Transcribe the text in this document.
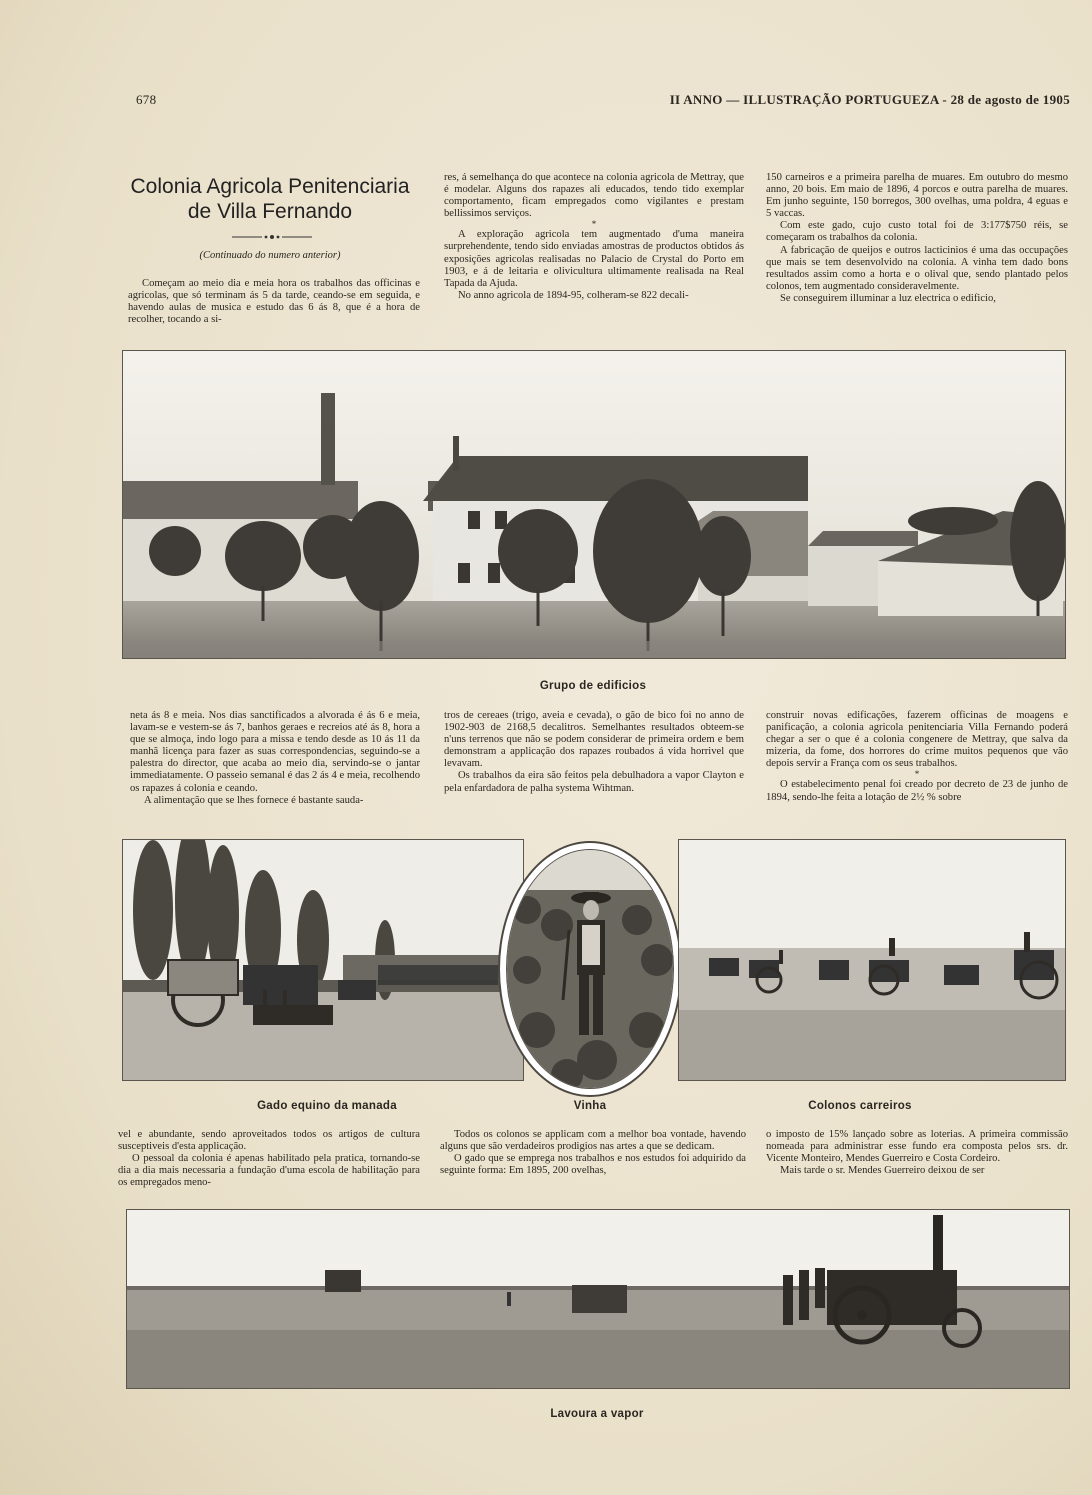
678	II ANNO — ILLUSTRAÇÃO PORTUGUEZA - 28 de agosto de 1905
Colonia Agricola Penitenciaria
de Villa Fernando
(Continuado do numero anterior)

Começam ao meio dia e meia hora os trabalhos das officinas e agricolas, que só terminam ás 5 da tarde, ceando-se em seguida, e havendo aulas de musica e estudo das 6 ás 8, que é a hora de recolher, tocando a si-

res, á semelhança do que acontece na colonia agricola de Mettray, que é modelar. Alguns dos rapazes ali educados, tendo tido exemplar comportamento, ficam empregados como vigilantes e prestam bellissimos serviços.

*

A exploração agricola tem augmentado d'uma maneira surprehendente, tendo sido enviadas amostras de productos obtidos ás exposições agricolas realisadas no Palacio de Crystal do Porto em 1903, e á de leitaria e olivicultura ultimamente realisada na Real Tapada da Ajuda.

No anno agricola de 1894-95, colheram-se 822 decali-

150 carneiros e a primeira parelha de muares. Em outubro do mesmo anno, 20 bois. Em maio de 1896, 4 porcos e outra parelha de muares. Em junho seguinte, 150 borregos, 300 ovelhas, uma poldra, 4 eguas e 5 vaccas.

Com este gado, cujo custo total foi de 3:177$750 réis, se começaram os trabalhos da colonia.

A fabricação de queijos e outros lacticinios é uma das occupações que mais se tem desenvolvido na colonia. A vinha tem dado bons resultados assim como a horta e o olival que, sendo plantado pelos colonos, tem augmentado consideravelmente.

Se conseguirem illuminar a luz electrica o edificio,

Grupo de edificios

neta ás 8 e meia. Nos dias sanctificados a alvorada é ás 6 e meia, lavam-se e vestem-se ás 7, banhos geraes e recreios até ás 8, hora a que se almoça, indo logo para a missa e tendo desde as 10 ás 11 da manhã licença para fazer as suas correspondencias, seguindo-se a palestra do director, que acaba ao meio dia, servindo-se o jantar immediatamente. O passeio semanal é das 2 ás 4 e meia, recolhendo os rapazes á colonia e ceando.

A alimentação que se lhes fornece é bastante sauda-

tros de cereaes (trigo, aveia e cevada), o gão de bico foi no anno de 1902-903 de 2168,5 decalitros. Semelhantes resultados obteem-se n'uns terrenos que não se podem considerar de primeira ordem e bem demonstram a applicação dos rapazes roubados á vida horrivel que levavam.

Os trabalhos da eira são feitos pela debulhadora a vapor Clayton e pela enfardadora de palha systema Wihtman.

construir novas edificações, fazerem officinas de moagens e panificação, a colonia agricola penitenciaria Villa Fernando poderá chegar a ser o que é a colonia congenere de Mettray, que salva da mizeria, da fome, dos horrores do crime muitos pequenos que vão depois servir a França com os seus trabalhos.

*

O estabelecimento penal foi creado por decreto de 23 de junho de 1894, sendo-lhe feita a lotação de 2½ % sobre

Gado equino da manada	Vinha	Colonos carreiros

vel e abundante, sendo aproveitados todos os artigos de cultura susceptiveis d'esta applicação.

O pessoal da colonia é apenas habilitado pela pratica, tornando-se dia a dia mais necessaria a fundação d'uma escola de habilitação para os empregados meno-

Todos os colonos se applicam com a melhor boa vontade, havendo alguns que são verdadeiros prodigios nas artes a que se dedicam.

O gado que se emprega nos trabalhos e nos estudos foi adquirido da seguinte forma: Em 1895, 200 ovelhas,

o imposto de 15% lançado sobre as loterias. A primeira commissão nomeada para administrar esse fundo era composta pelos srs. dr. Vicente Monteiro, Mendes Guerreiro e Costa Cordeiro.

Mais tarde o sr. Mendes Guerreiro deixou de ser

Lavoura a vapor
